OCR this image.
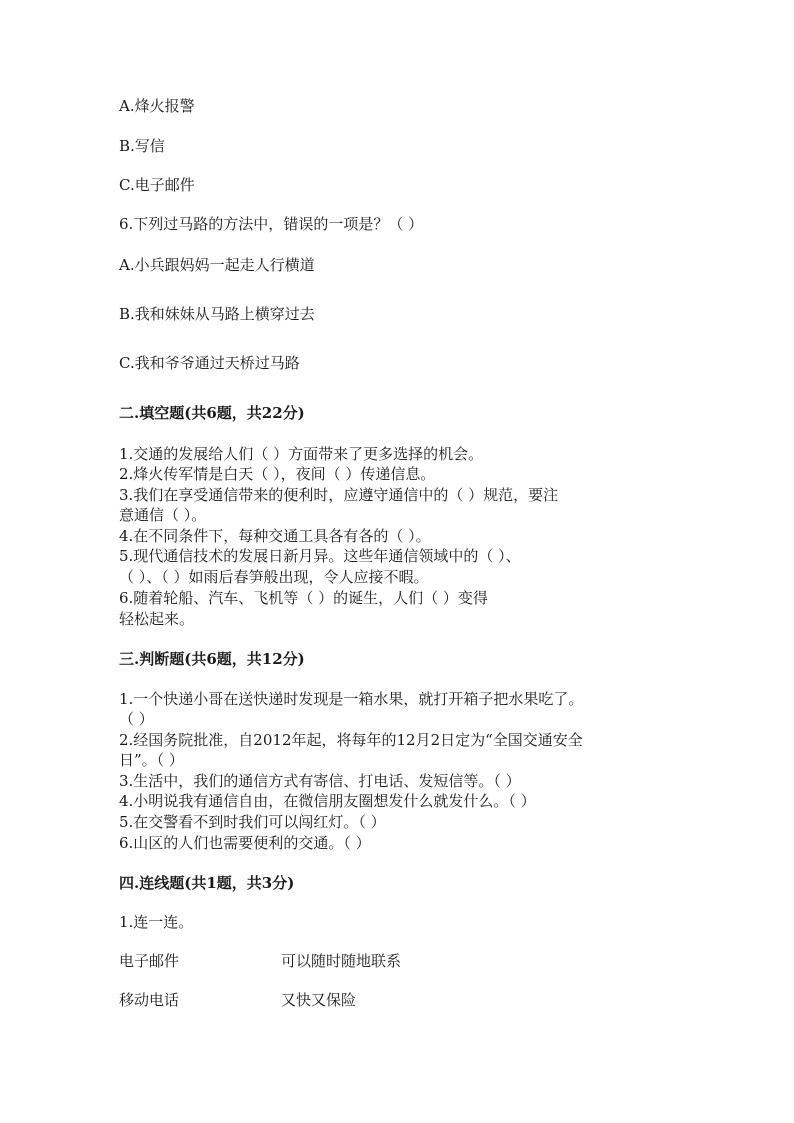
A.烽火报警
B.写信
C.电子邮件
6.下列过马路的方法中，错误的一项是？（ ）
A.小兵跟妈妈一起走人行横道
B.我和妹妹从马路上横穿过去
C.我和爷爷通过天桥过马路
二.填空题(共6题，共22分)
1.交通的发展给人们（ ）方面带来了更多选择的机会。
2.烽火传军情是白天（ ），夜间（ ）传递信息。
3.我们在享受通信带来的便利时，应遵守通信中的（ ）规范，要注
意通信（ ）。
4.在不同条件下，每种交通工具各有各的（ ）。
5.现代通信技术的发展日新月异。这些年通信领域中的（ ）、
（ ）、（ ）如雨后春笋般出现，令人应接不暇。
6.随着轮船、汽车、飞机等（ ）的诞生，人们（ ）变得
轻松起来。
三.判断题(共6题，共12分)
1.一个快递小哥在送快递时发现是一箱水果，就打开箱子把水果吃了。
（ ）
2.经国务院批准，自2012年起，将每年的12月2日定为“全国交通安全
日”。（ ）
3.生活中，我们的通信方式有寄信、打电话、发短信等。（ ）
4.小明说我有通信自由，在微信朋友圈想发什么就发什么。（ ）
5.在交警看不到时我们可以闯红灯。（ ）
6.山区的人们也需要便利的交通。（ ）
四.连线题(共1题，共3分)
1.连一连。
电子邮件	可以随时随地联系
移动电话	又快又保险
